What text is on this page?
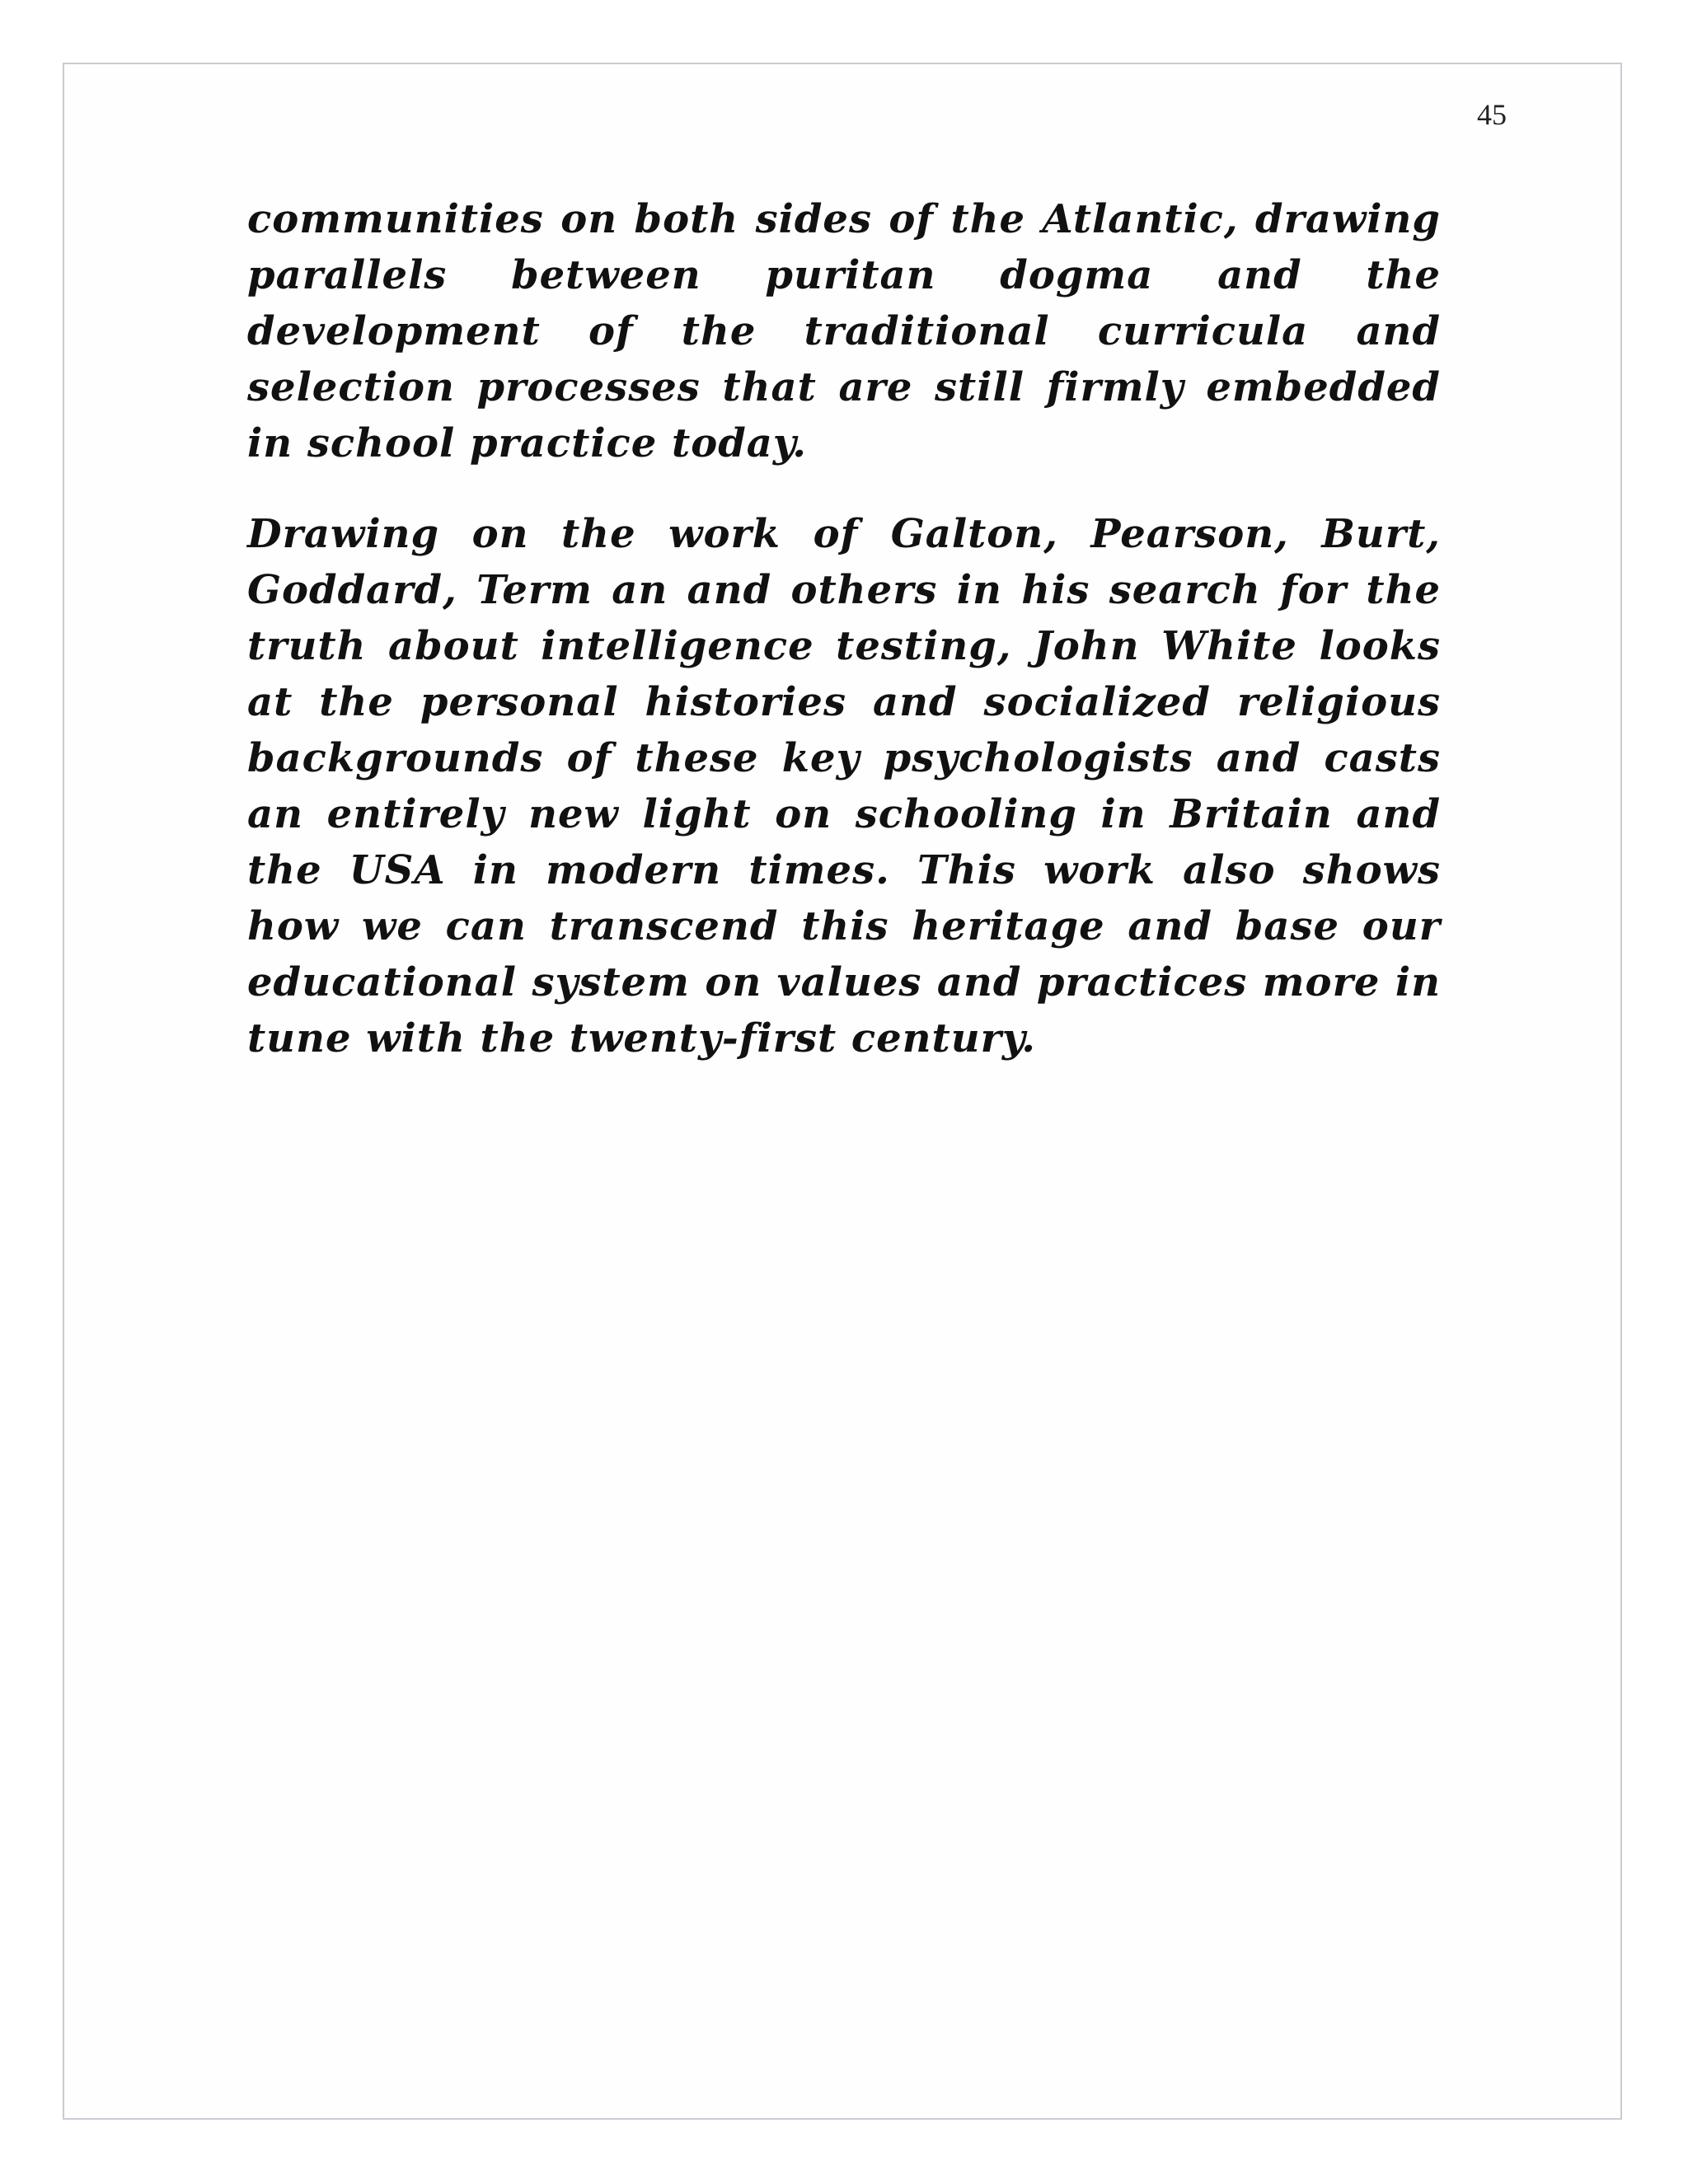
45

communities on both sides of the Atlantic, drawing parallels between puritan dogma and the development of the traditional curricula and selection processes that are still firmly embedded in school practice today.

Drawing on the work of Galton, Pearson, Burt, Goddard, Term an and others in his search for the truth about intelligence testing, John White looks at the personal histories and socialized religious backgrounds of these key psychologists and casts an entirely new light on schooling in Britain and the USA in modern times. This work also shows how we can transcend this heritage and base our educational system on values and practices more in tune with the twenty-first century.
